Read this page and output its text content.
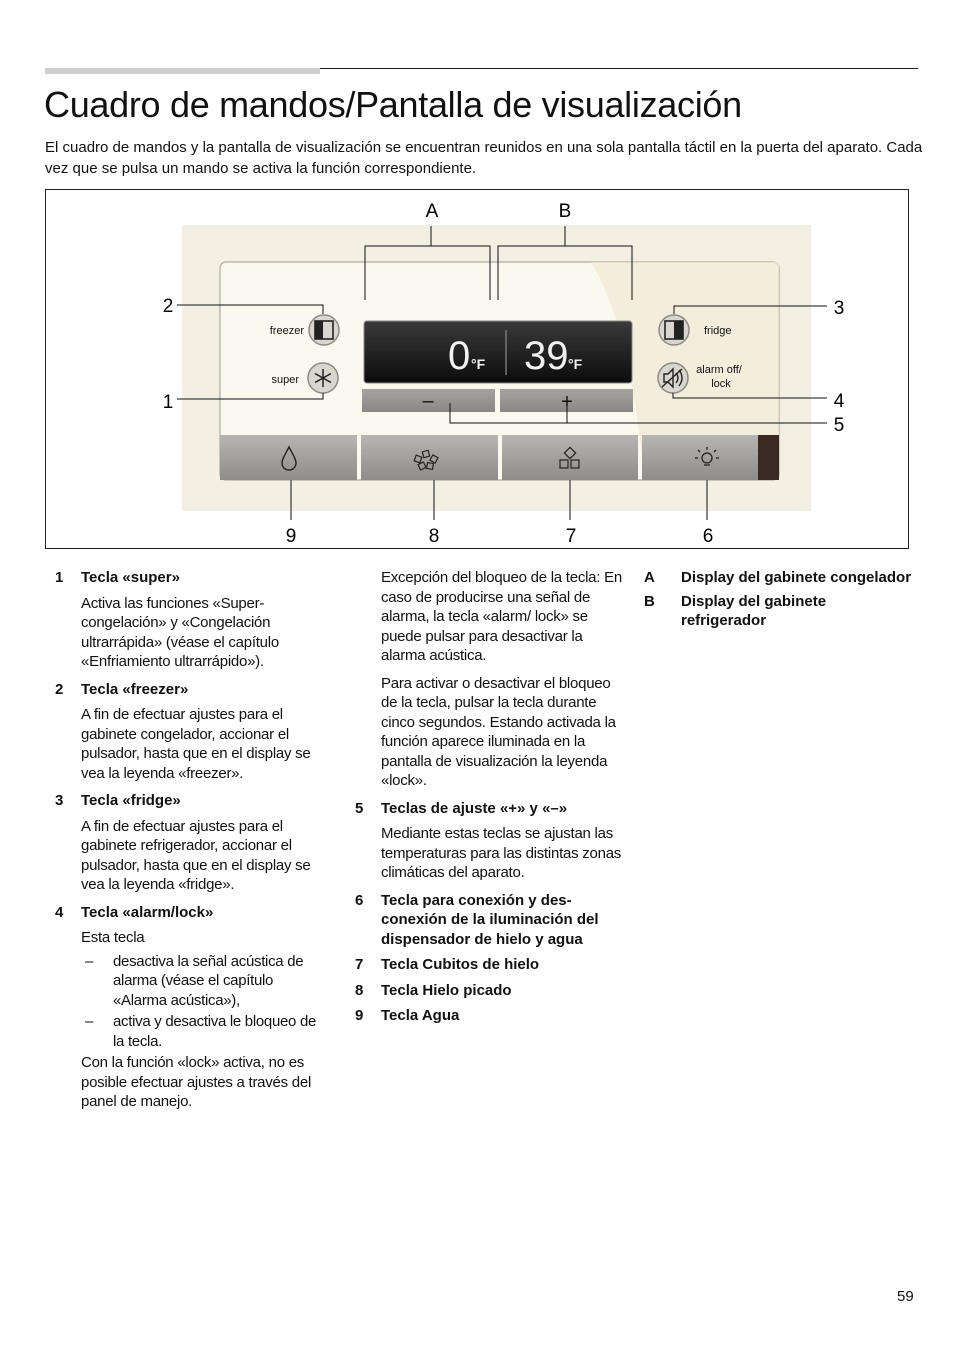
Cuadro de mandos/Pantalla de visualización

El cuadro de mandos y la pantalla de visualización se encuentran reunidos en una sola pantalla táctil en la puerta del aparato. Cada vez que se pulsa un mando se activa la función correspondiente.

0 °F 39 °F
–	+
freezer
super
fridge
alarm off/
lock
A	B
2
1
3
4
5
9	8	7	6
1 Tecla «super»

Activa las funciones «Super-congelación» y «Congelación ultrarrápida» (véase el capítulo «Enfriamiento ultrarrápido»).

2 Tecla «freezer»

A fin de efectuar ajustes para el gabinete congelador, accionar el pulsador, hasta que en el display se vea la leyenda «freezer».

3 Tecla «fridge»

A fin de efectuar ajustes para el gabinete refrigerador, accionar el pulsador, hasta que en el display se vea la leyenda «fridge».

4 Tecla «alarm/lock»

Esta tecla

– desactiva la señal acústica de alarma (véase el capítulo «Alarma acústica»),
– activa y desactiva le bloqueo de la tecla.

Con la función «lock» activa, no es posible efectuar ajustes a través del panel de manejo.

Excepción del bloqueo de la tecla: En caso de producirse una señal de alarma, la tecla «alarm/ lock» se puede pulsar para desactivar la alarma acústica.

Para activar o desactivar el bloqueo de la tecla, pulsar la tecla durante cinco segundos. Estando activada la función aparece iluminada en la pantalla de visualización la leyenda «lock».

5 Teclas de ajuste «+» y «–»

Mediante estas teclas se ajustan las temperaturas para las distintas zonas climáticas del aparato.

6 Tecla para conexión y des-conexión de la iluminación del dispensador de hielo y agua
7 Tecla Cubitos de hielo
8 Tecla Hielo picado
9 Tecla Agua
A Display del gabinete congelador
B Display del gabinete refrigerador
59
